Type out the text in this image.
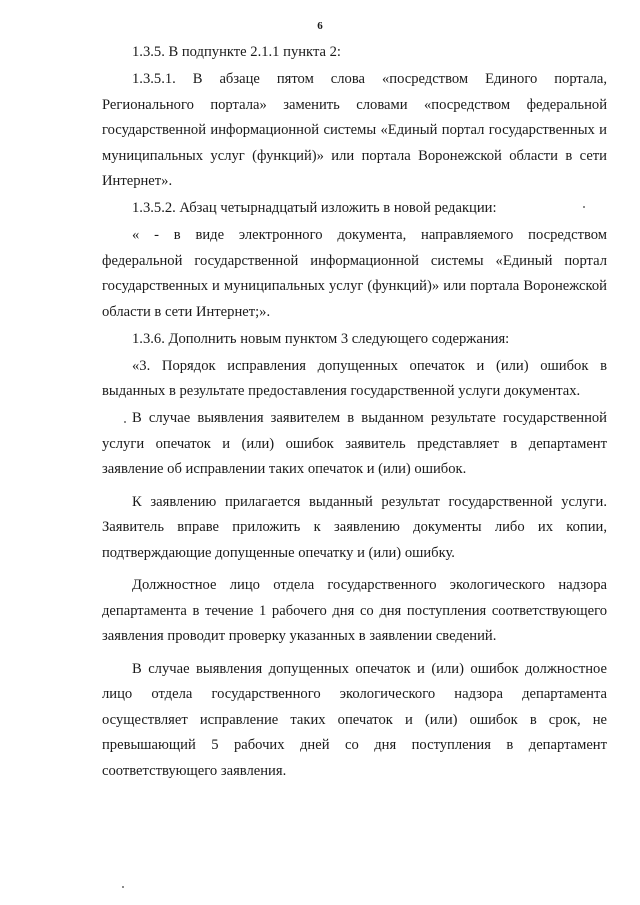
6

1.3.5. В подпункте 2.1.1 пункта 2:

1.3.5.1. В абзаце пятом слова «посредством Единого портала, Регионального портала» заменить словами «посредством федеральной государственной информационной системы «Единый портал государственных и муниципальных услуг (функций)» или портала Воронежской области в сети Интернет».

1.3.5.2. Абзац четырнадцатый изложить в новой редакции:

« - в виде электронного документа, направляемого посредством федеральной государственной информационной системы «Единый портал государственных и муниципальных услуг (функций)» или портала Воронежской области в сети Интернет;».

1.3.6. Дополнить новым пунктом 3 следующего содержания:

«3. Порядок исправления допущенных опечаток и (или) ошибок в выданных в результате предоставления государственной услуги документах.

В случае выявления заявителем в выданном результате государственной услуги опечаток и (или) ошибок заявитель представляет в департамент заявление об исправлении таких опечаток и (или) ошибок.

К заявлению прилагается выданный результат государственной услуги. Заявитель вправе приложить к заявлению документы либо их копии, подтверждающие допущенные опечатку и (или) ошибку.

Должностное лицо отдела государственного экологического надзора департамента в течение 1 рабочего дня со дня поступления соответствующего заявления проводит проверку указанных в заявлении сведений.

В случае выявления допущенных опечаток и (или) ошибок должностное лицо отдела государственного экологического надзора департамента осуществляет исправление таких опечаток и (или) ошибок в срок, не превышающий 5 рабочих дней со дня поступления в департамент соответствующего заявления.
